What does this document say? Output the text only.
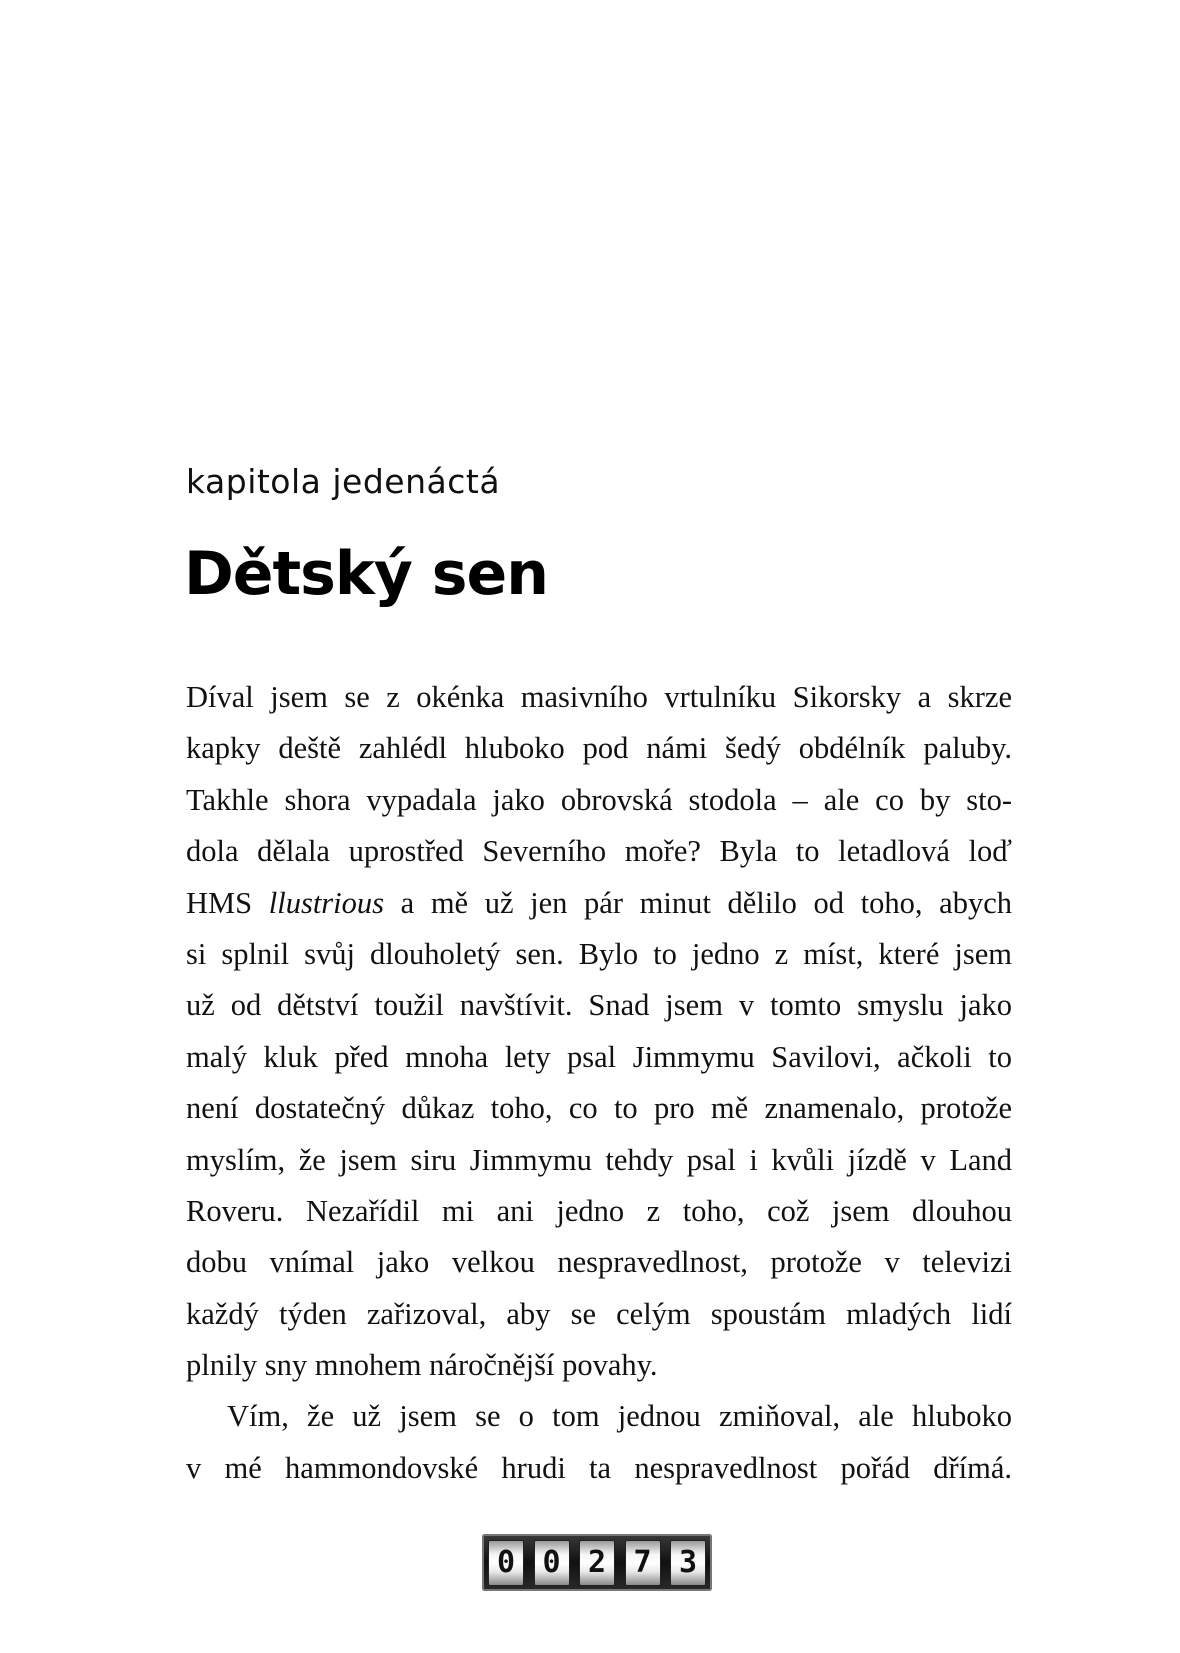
kapitola jedenáctá
Dětský sen
Díval jsem se z okénka masivního vrtulníku Sikorsky a skrze
kapky deště zahlédl hluboko pod námi šedý obdélník paluby.
Takhle shora vypadala jako obrovská stodola – ale co by sto-
dola dělala uprostřed Severního moře? Byla to letadlová loď
HMS llustrious a mě už jen pár minut dělilo od toho, abych
si splnil svůj dlouholetý sen. Bylo to jedno z míst, které jsem
už od dětství toužil navštívit. Snad jsem v tomto smyslu jako
malý kluk před mnoha lety psal Jimmymu Savilovi, ačkoli to
není dostatečný důkaz toho, co to pro mě znamenalo, protože
myslím, že jsem siru Jimmymu tehdy psal i kvůli jízdě v Land
Roveru. Nezařídil mi ani jedno z toho, což jsem dlouhou
dobu vnímal jako velkou nespravedlnost, protože v televizi
každý týden zařizoval, aby se celým spoustám mladých lidí
plnily sny mnohem náročnější povahy.
Vím, že už jsem se o tom jednou zmiňoval, ale hluboko
v mé hammondovské hrudi ta nespravedlnost pořád dřímá.
0 0 2 7 3
